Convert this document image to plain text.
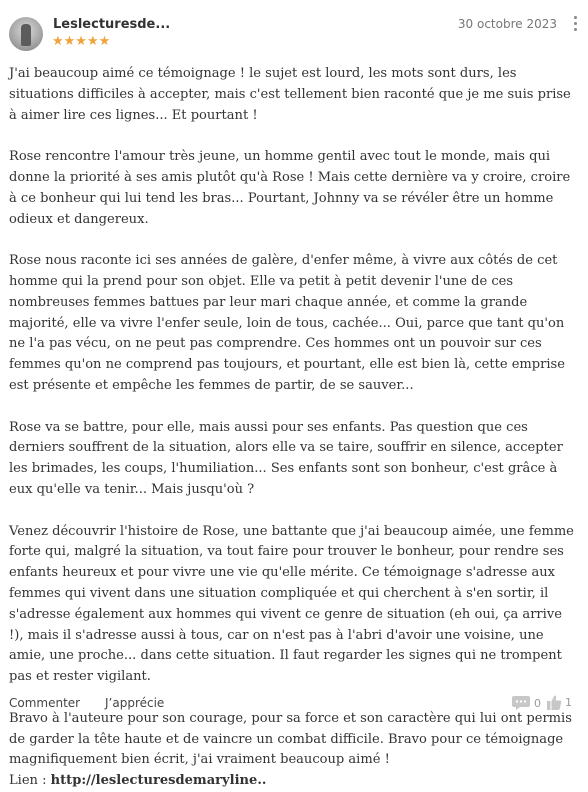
Leslecturesde...
★★★★★
30 octobre 2023

J'ai beaucoup aimé ce témoignage ! le sujet est lourd, les mots sont durs, les situations difficiles à accepter, mais c'est tellement bien raconté que je me suis prise à aimer lire ces lignes... Et pourtant !

Rose rencontre l'amour très jeune, un homme gentil avec tout le monde, mais qui donne la priorité à ses amis plutôt qu'à Rose ! Mais cette dernière va y croire, croire à ce bonheur qui lui tend les bras... Pourtant, Johnny va se révéler être un homme odieux et dangereux.

Rose nous raconte ici ses années de galère, d'enfer même, à vivre aux côtés de cet homme qui la prend pour son objet. Elle va petit à petit devenir l'une de ces nombreuses femmes battues par leur mari chaque année, et comme la grande majorité, elle va vivre l'enfer seule, loin de tous, cachée... Oui, parce que tant qu'on ne l'a pas vécu, on ne peut pas comprendre. Ces hommes ont un pouvoir sur ces femmes qu'on ne comprend pas toujours, et pourtant, elle est bien là, cette emprise est présente et empêche les femmes de partir, de se sauver...

Rose va se battre, pour elle, mais aussi pour ses enfants. Pas question que ces derniers souffrent de la situation, alors elle va se taire, souffrir en silence, accepter les brimades, les coups, l'humiliation... Ses enfants sont son bonheur, c'est grâce à eux qu'elle va tenir... Mais jusqu'où ?

Venez découvrir l'histoire de Rose, une battante que j'ai beaucoup aimée, une femme forte qui, malgré la situation, va tout faire pour trouver le bonheur, pour rendre ses enfants heureux et pour vivre une vie qu'elle mérite. Ce témoignage s'adresse aux femmes qui vivent dans une situation compliquée et qui cherchent à s'en sortir, il s'adresse également aux hommes qui vivent ce genre de situation (eh oui, ça arrive !), mais il s'adresse aussi à tous, car on n'est pas à l'abri d'avoir une voisine, une amie, une proche... dans cette situation. Il faut regarder les signes qui ne trompent pas et rester vigilant.

Bravo à l'auteure pour son courage, pour sa force et son caractère qui lui ont permis de garder la tête haute et de vaincre un combat difficile. Bravo pour ce témoignage magnifiquement bien écrit, j'ai vraiment beaucoup aimé !

Lien : http://leslecturesdemaryline..
Commenter J’apprécie	0 1
